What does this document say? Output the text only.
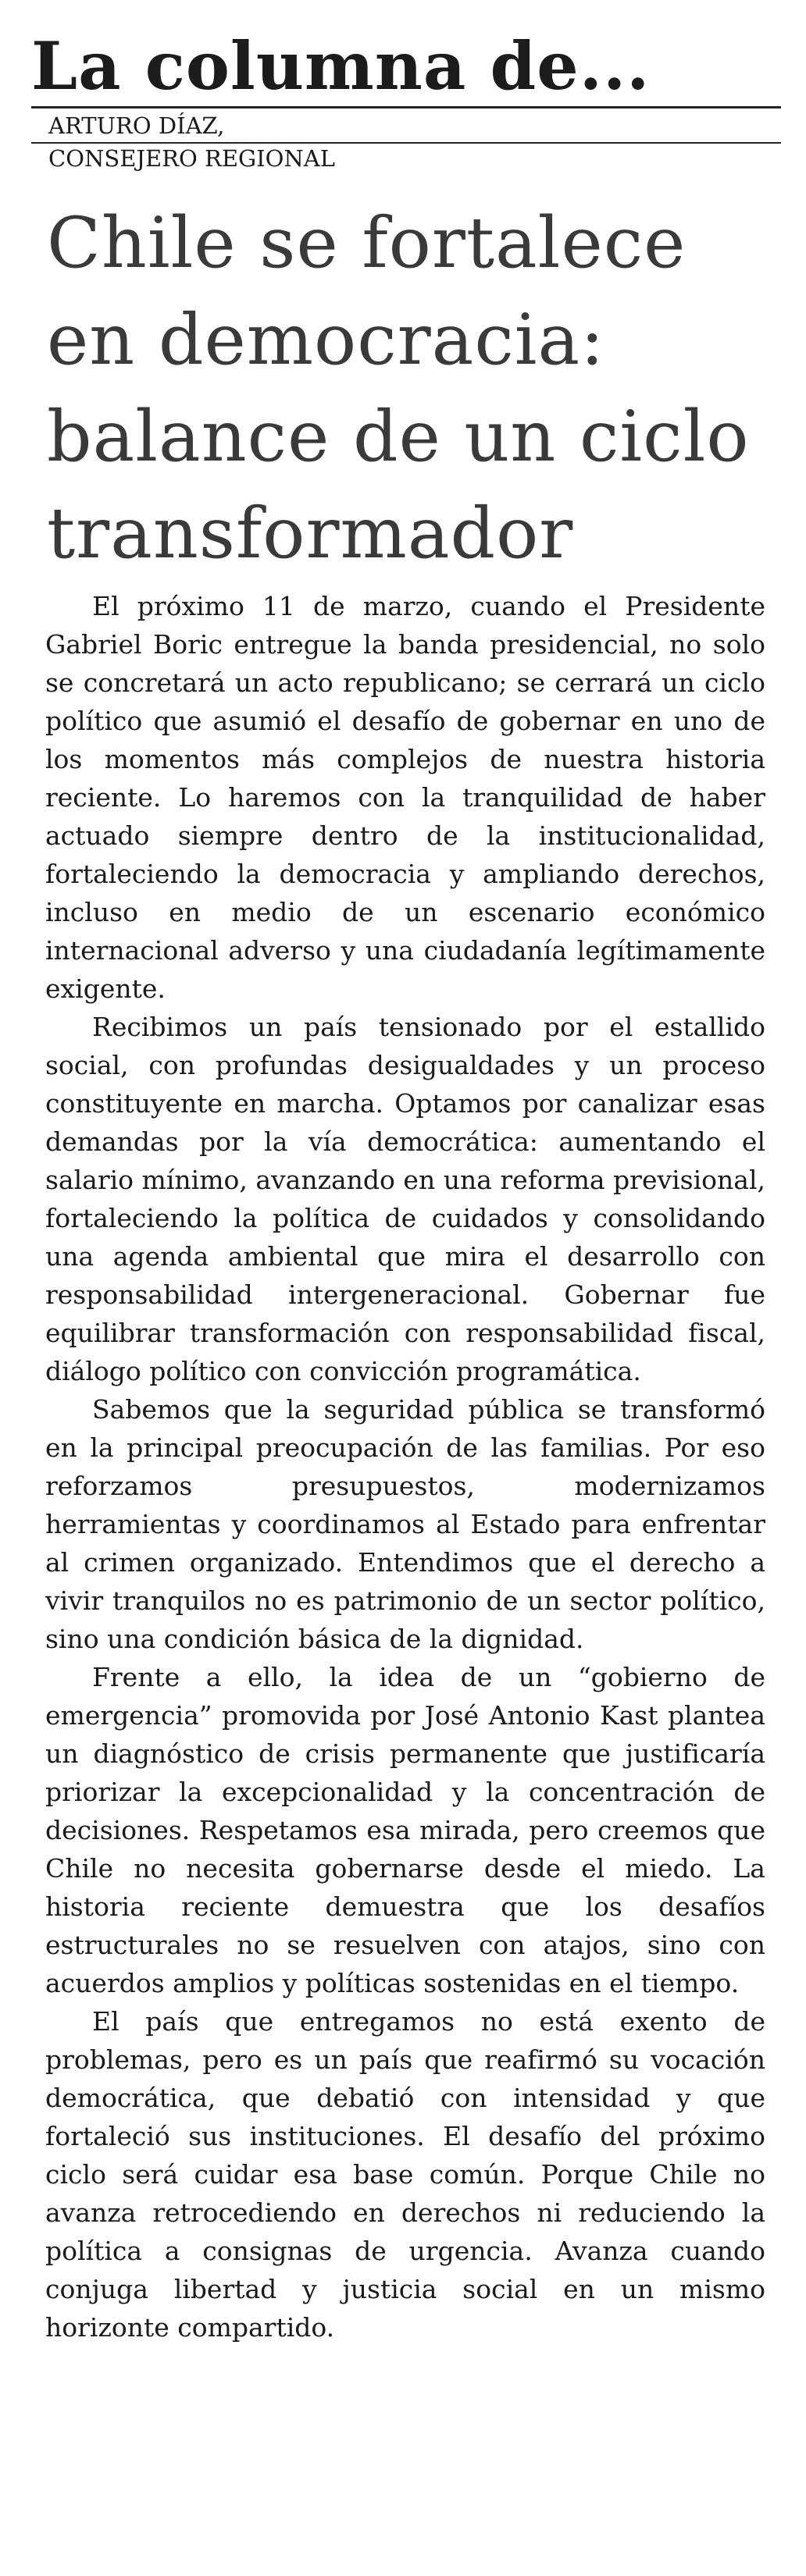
La columna de...
ARTURO DÍAZ,
CONSEJERO REGIONAL
Chile se fortalece
en democracia:
balance de un ciclo
transformador

El próximo 11 de marzo, cuando el Presidente Gabriel Boric entregue la banda presidencial, no solo se concretará un acto republicano; se cerrará un ciclo político que asumió el desafío de gobernar en uno de los momentos más complejos de nuestra historia reciente. Lo haremos con la tranquilidad de haber actuado siempre dentro de la institucionalidad, fortaleciendo la democracia y ampliando derechos, incluso en medio de un escenario económico internacional adverso y una ciudadanía legítimamente exigente.

Recibimos un país tensionado por el estallido social, con profundas desigualdades y un proceso constituyente en marcha. Optamos por canalizar esas demandas por la vía democrática: aumentando el salario mínimo, avanzando en una reforma previsional, fortaleciendo la política de cuidados y consolidando una agenda ambiental que mira el desarrollo con responsabilidad intergeneracional. Gobernar fue equilibrar transformación con responsabilidad fiscal, diálogo político con convicción programática.

Sabemos que la seguridad pública se transformó en la principal preocupación de las familias. Por eso reforzamos presupuestos, modernizamos herramientas y coordinamos al Estado para enfrentar al crimen organizado. Entendimos que el derecho a vivir tranquilos no es patrimonio de un sector político, sino una condición básica de la dignidad.

Frente a ello, la idea de un “gobierno de emergencia” promovida por José Antonio Kast plantea un diagnóstico de crisis permanente que justificaría priorizar la excepcionalidad y la concentración de decisiones. Respetamos esa mirada, pero creemos que Chile no necesita gobernarse desde el miedo. La historia reciente demuestra que los desafíos estructurales no se resuelven con atajos, sino con acuerdos amplios y políticas sostenidas en el tiempo.

El país que entregamos no está exento de problemas, pero es un país que reafirmó su vocación democrática, que debatió con intensidad y que fortaleció sus instituciones. El desafío del próximo ciclo será cuidar esa base común. Porque Chile no avanza retrocediendo en derechos ni reduciendo la política a consignas de urgencia. Avanza cuando conjuga libertad y justicia social en un mismo horizonte compartido.
